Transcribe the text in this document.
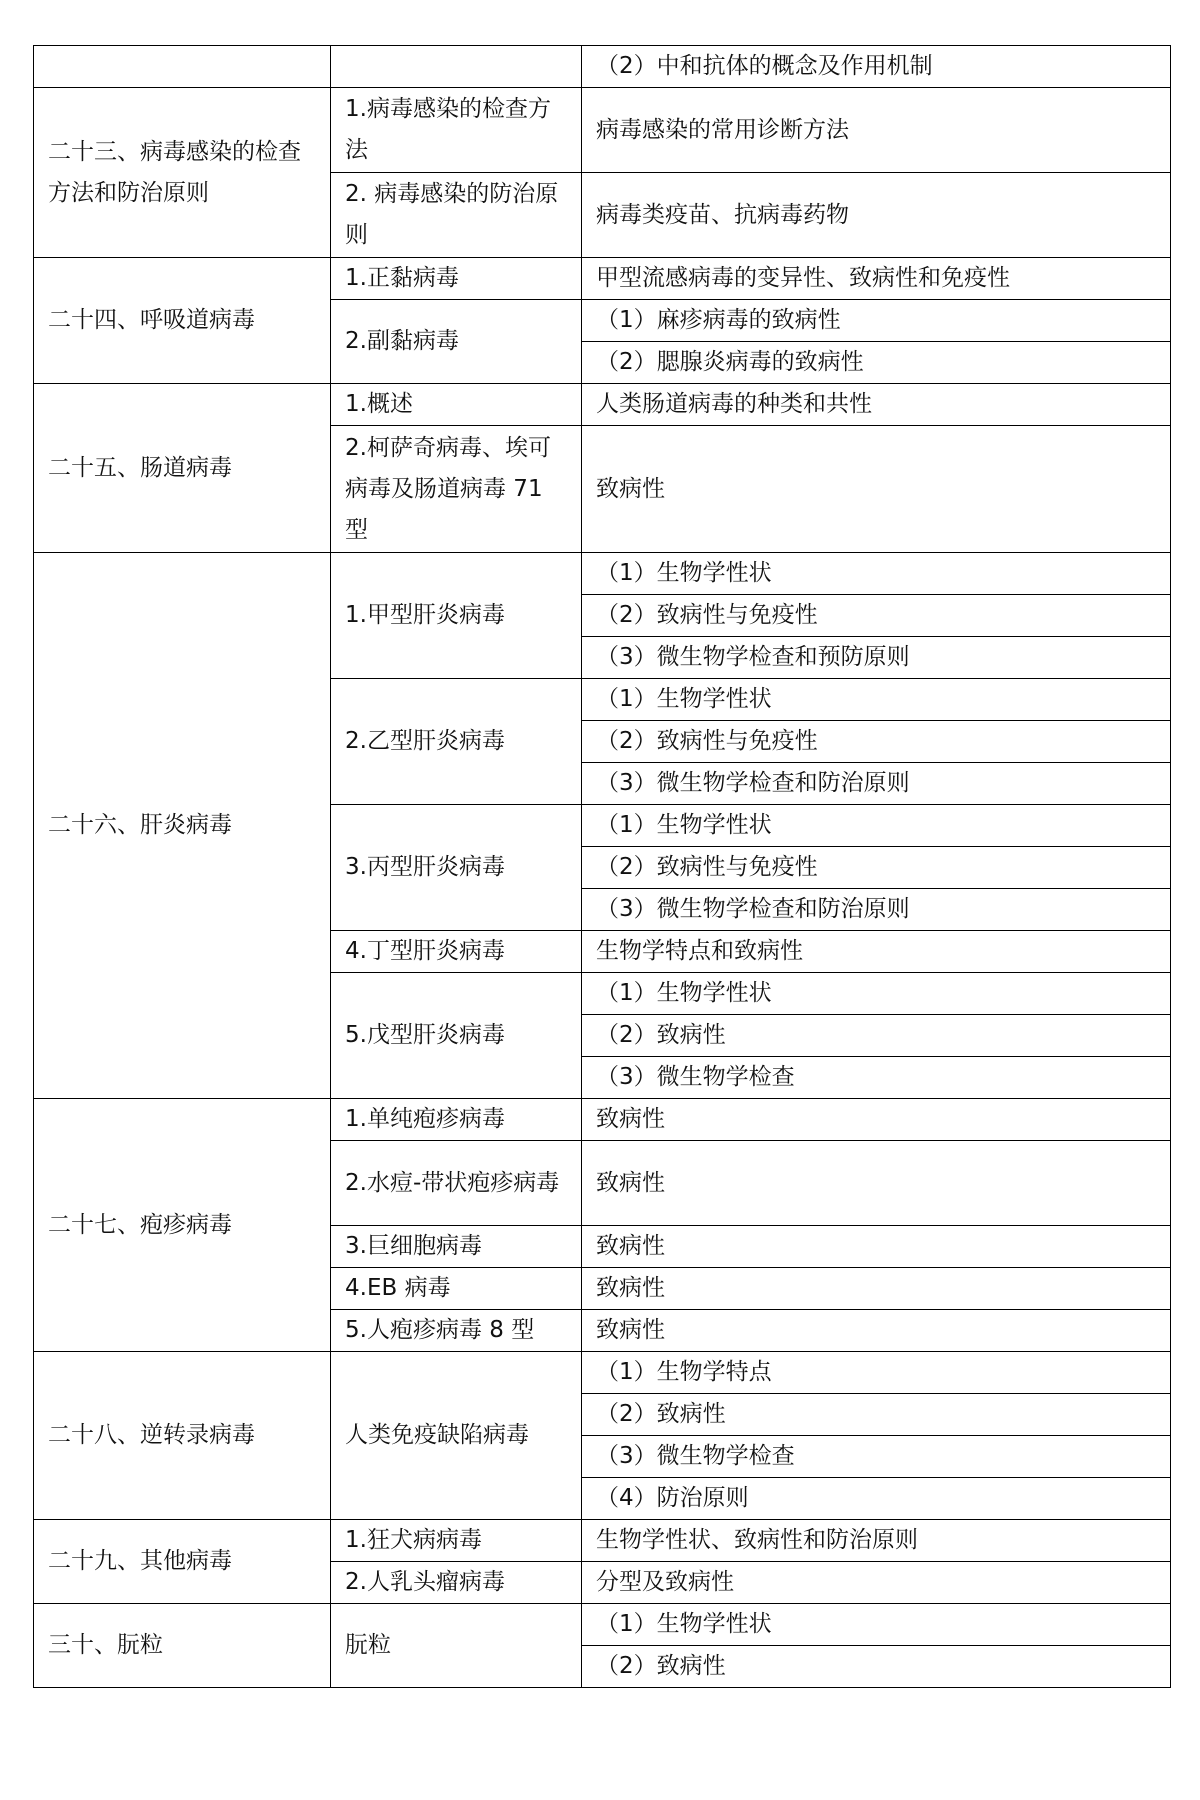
		（2）中和抗体的概念及作用机制
二十三、病毒感染的检查方法和防治原则	1.病毒感染的检查方法	病毒感染的常用诊断方法
	2. 病毒感染的防治原则	病毒类疫苗、抗病毒药物
二十四、呼吸道病毒	1.正黏病毒	甲型流感病毒的变异性、致病性和免疫性
	2.副黏病毒	（1）麻疹病毒的致病性
		（2）腮腺炎病毒的致病性
二十五、肠道病毒	1.概述	人类肠道病毒的种类和共性
	2.柯萨奇病毒、埃可病毒及肠道病毒 71 型	致病性
二十六、肝炎病毒	1.甲型肝炎病毒	（1）生物学性状
		（2）致病性与免疫性
		（3）微生物学检查和预防原则
	2.乙型肝炎病毒	（1）生物学性状
		（2）致病性与免疫性
		（3）微生物学检查和防治原则
	3.丙型肝炎病毒	（1）生物学性状
		（2）致病性与免疫性
		（3）微生物学检查和防治原则
	4.丁型肝炎病毒	生物学特点和致病性
	5.戊型肝炎病毒	（1）生物学性状
		（2）致病性
		（3）微生物学检查
二十七、疱疹病毒	1.单纯疱疹病毒	致病性
	2.水痘-带状疱疹病毒	致病性
	3.巨细胞病毒	致病性
	4.EB 病毒	致病性
	5.人疱疹病毒 8 型	致病性
二十八、逆转录病毒	人类免疫缺陷病毒	（1）生物学特点
		（2）致病性
		（3）微生物学检查
		（4）防治原则
二十九、其他病毒	1.狂犬病病毒	生物学性状、致病性和防治原则
	2.人乳头瘤病毒	分型及致病性
三十、朊粒	朊粒	（1）生物学性状
		（2）致病性
